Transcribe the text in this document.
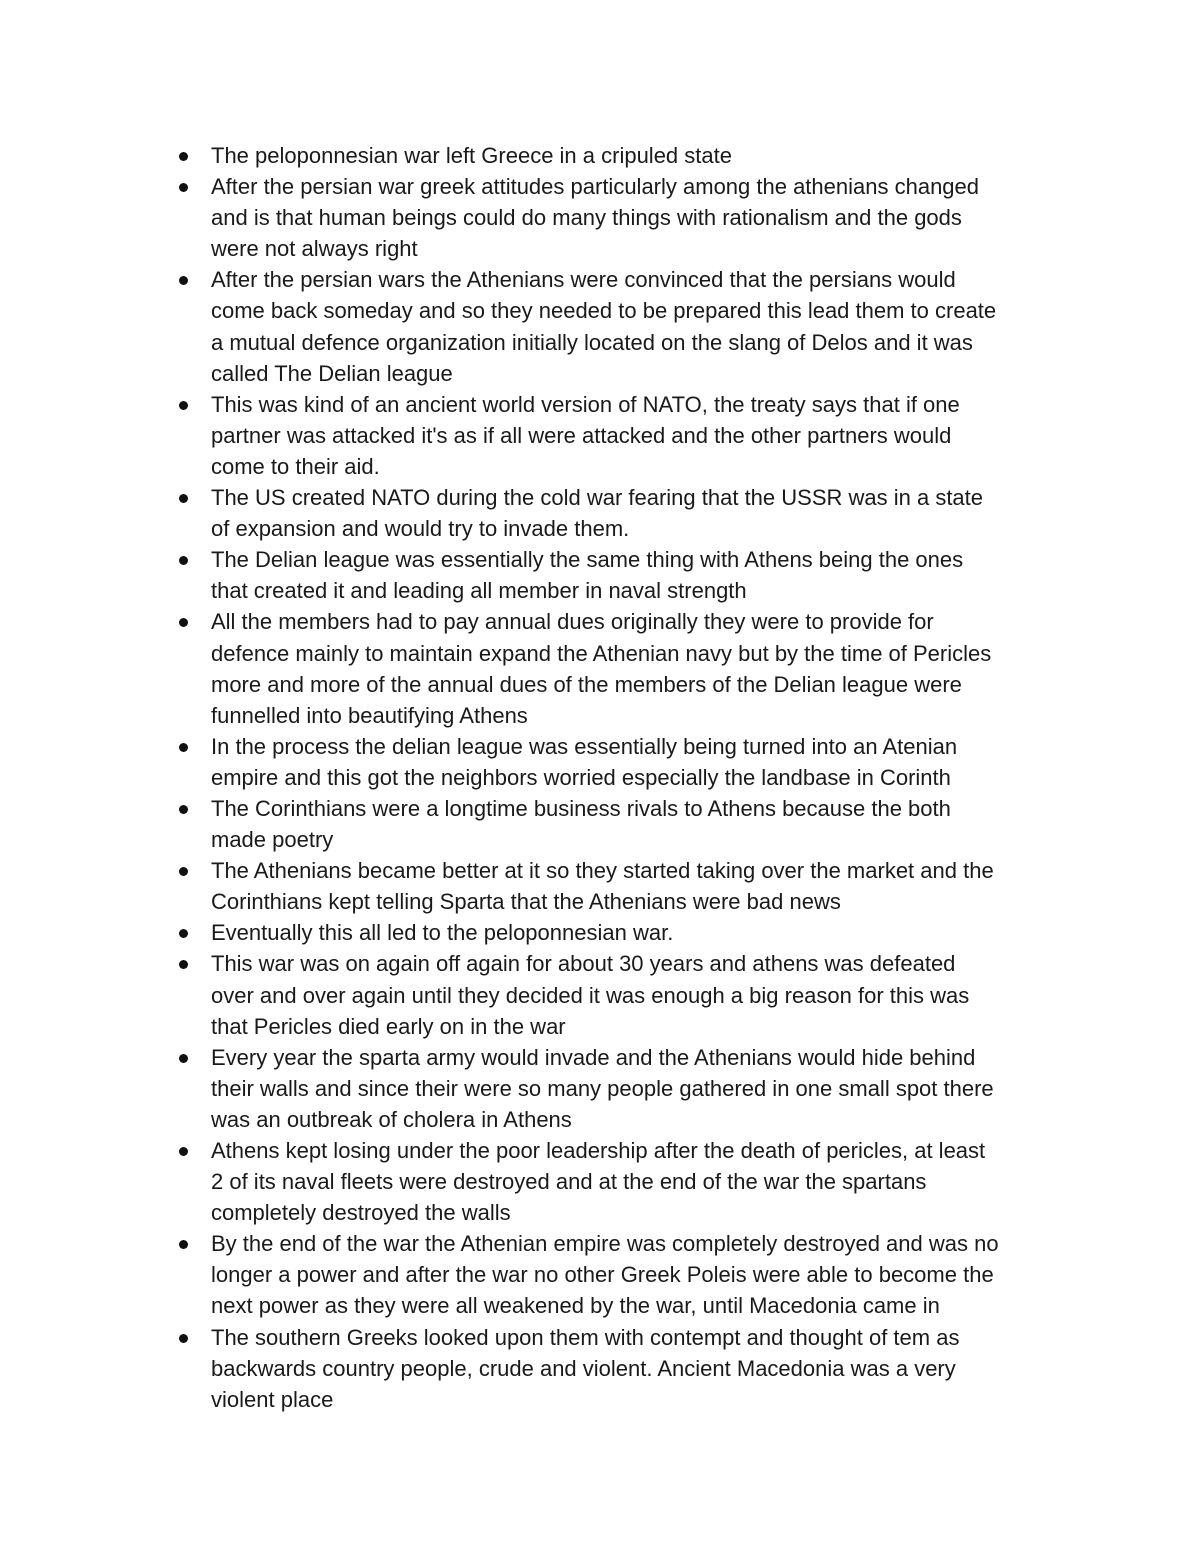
The peloponnesian war left Greece in a cripuled state
After the persian war greek attitudes particularly among the athenians changed
and is that human beings could do many things with rationalism and the gods
were not always right
After the persian wars the Athenians were convinced that the persians would
come back someday and so they needed to be prepared this lead them to create
a mutual defence organization initially located on the slang of Delos and it was
called The Delian league
This was kind of an ancient world version of NATO, the treaty says that if one
partner was attacked it's as if all were attacked and the other partners would
come to their aid.
The US created NATO during the cold war fearing that the USSR was in a state
of expansion and would try to invade them.
The Delian league was essentially the same thing with Athens being the ones
that created it and leading all member in naval strength
All the members had to pay annual dues originally they were to provide for
defence mainly to maintain expand the Athenian navy but by the time of Pericles
more and more of the annual dues of the members of the Delian league were
funnelled into beautifying Athens
In the process the delian league was essentially being turned into an Atenian
empire and this got the neighbors worried especially the landbase in Corinth
The Corinthians were a longtime business rivals to Athens because the both
made poetry
The Athenians became better at it so they started taking over the market and the
Corinthians kept telling Sparta that the Athenians were bad news
Eventually this all led to the peloponnesian war.
This war was on again off again for about 30 years and athens was defeated
over and over again until they decided it was enough a big reason for this was
that Pericles died early on in the war
Every year the sparta army would invade and the Athenians would hide behind
their walls and since their were so many people gathered in one small spot there
was an outbreak of cholera in Athens
Athens kept losing under the poor leadership after the death of pericles, at least
2 of its naval fleets were destroyed and at the end of the war the spartans
completely destroyed the walls
By the end of the war the Athenian empire was completely destroyed and was no
longer a power and after the war no other Greek Poleis were able to become the
next power as they were all weakened by the war, until Macedonia came in
The southern Greeks looked upon them with contempt and thought of tem as
backwards country people, crude and violent. Ancient Macedonia was a very
violent place
